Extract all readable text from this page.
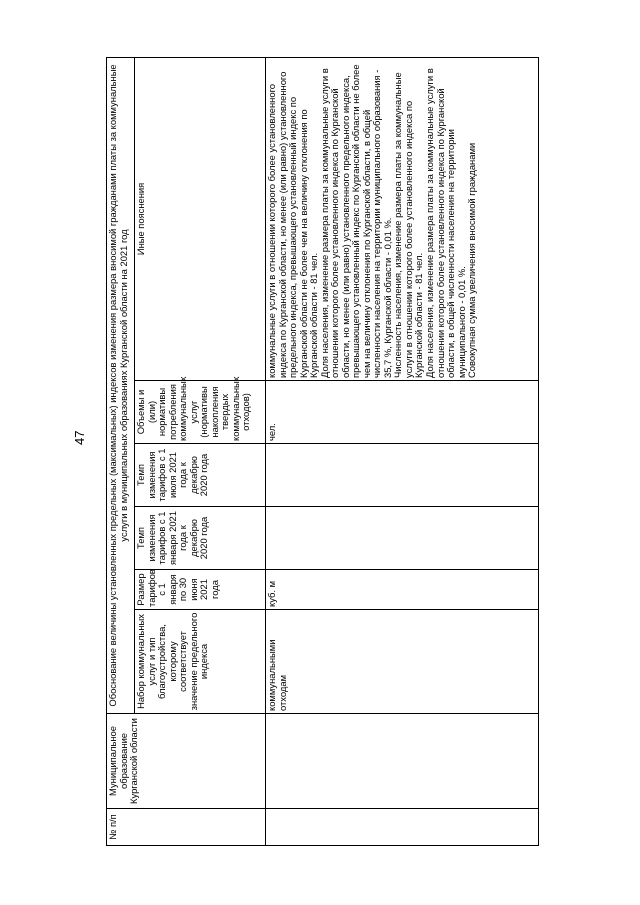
47
№ п/п	Муниципальное образование Курганской области	Обоснование величины установленных предельных (максимальных) индексов изменения размера вносимой гражданами платы за коммунальные услуги в муниципальных образованиях Курганской области на 2021 год					
		Набор коммунальных услуг и тип благоустройства, которому соответствует значение предельного индекса	Размер тарифов с 1 января по 30 июня 2021 года	Темп изменения тарифов с 1 января 2021 года к декабрю 2020 года	Темп изменения тарифов с 1 июля 2021 года к декабрю 2020 года	Объемы и (или) нормативы потребления коммунальных услуг (нормативы накопления твердых коммунальных отходов)	Иные пояснения
		коммунальными отходам	куб. м			чел.	коммунальные услуги в отношении которого более установленного индекса по Курганской области, но менее (или равно) установленного предельного индекса, превышающего установленный индекс по Курганской области не более чем на величину отклонения по Курганской области - 81 чел.
Доля населения, изменение размера платы за коммунальные услуги в отношении которого более установленного индекса по Курганской области, но менее (или равно) установленного предельного индекса, превышающего установленный индекс по Курганской области не более чем на величину отклонения по Курганской области, в общей численности населения на территории муниципального образования - 35,7 %, Курганской области - 0,01 %.
Численность населения, изменение размера платы за коммунальные услуги в отношении которого более установленного индекса по Курганской области - 81 чел.
Доля населения, изменение размера платы за коммунальные услуги в отношении которого более установленного индекса по Курганской области, в общей численности населения на территории муниципального - 0,01 %.
Совокупная сумма увеличения вносимой гражданами
